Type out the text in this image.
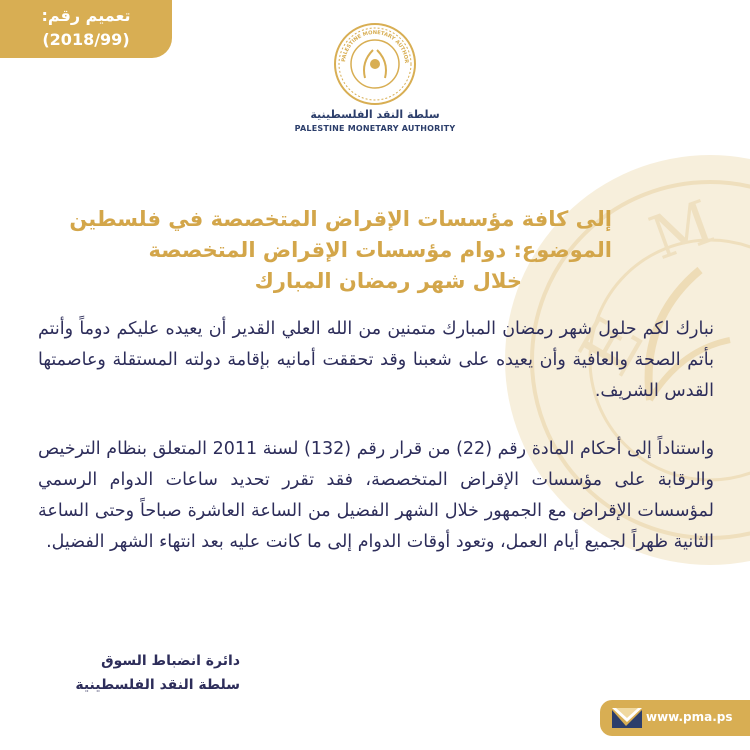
E
M
تعميم رقم:
(2018/99)
PALESTINE MONETARY AUTHOR
سلطة النقد الفلسطينية
PALESTINE MONETARY AUTHORITY
إلى كافة مؤسسات الإقراض المتخصصة في فلسطين
الموضوع: دوام مؤسسات الإقراض المتخصصة
خلال شهر رمضان المبارك
نبارك لكم حلول شهر رمضان المبارك متمنين من الله العلي القدير أن يعيده عليكم دوماً وأنتم بأتم الصحة والعافية وأن يعيده على شعبنا وقد تحققت أمانيه بإقامة دولته المستقلة وعاصمتها القدس الشريف.
واستناداً إلى أحكام المادة رقم (22) من قرار رقم (132) لسنة 2011 المتعلق بنظام الترخيص والرقابة على مؤسسات الإقراض المتخصصة، فقد تقرر تحديد ساعات الدوام الرسمي لمؤسسات الإقراض مع الجمهور خلال الشهر الفضيل من الساعة العاشرة صباحاً وحتى الساعة الثانية ظهراً لجميع أيام العمل، وتعود أوقات الدوام إلى ما كانت عليه بعد انتهاء الشهر الفضيل.
دائرة انضباط السوق
سلطة النقد الفلسطينية
www.pma.ps
